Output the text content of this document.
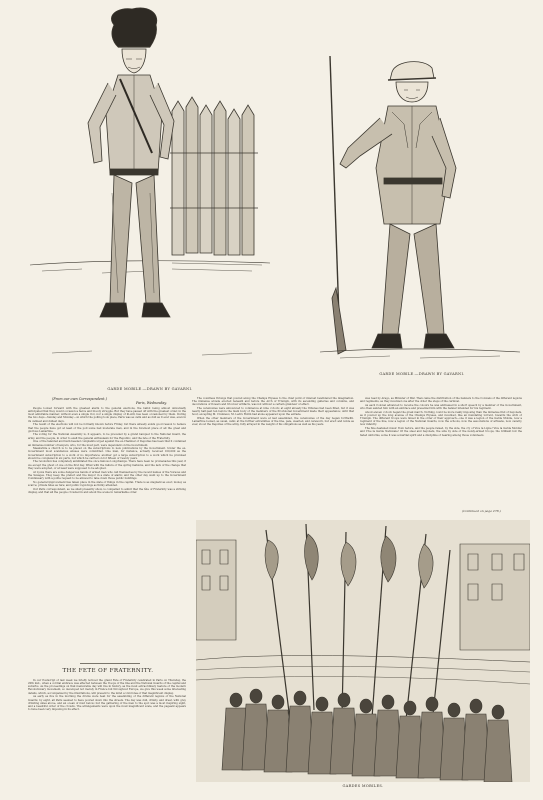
GARDE MOBILE.—DRAWN BY GAVARNI.
GARDE MOBILE.—DRAWN BY GAVARNI.
(From our own Correspondent.)
Paris, Wednesday.

People looked forward with the greatest alarm to the general elections, the ballot being almost universally anticipated that they would occasion a fierce and bloody struggle. But they have passed off with the greatest order, in the most admirable manner, without even a single riot, nor a single display of ill-will, has been occasioned by them. During the two days—Sunday and Monday—on which the polling took place, Paris was as calm and as dull as it ever was, even in its calmest and dullest days.

The result of the elections will not be formally known before Friday, but there already exists good reason to believe that the people have got at least of the poll some bad moderate men, and in the foremost place of all the great and glorious Lamartine.

The voting for the National Assembly is, it appears, to be preceded by a grand banquet to the National Guard, the army, and the people, in order to exalt the general enthusiasm for the Republic, and the fete of the Fraternity.

One of the talented and hard-headed complaints urged against the ex-Chamber of Deputies has been that it contained an immense number of lawyers, who, for the most part, were dependent on the Government.

Meanwhile a church is to be placed on the subscriptions to new publications by the Government. Under the ex-Government most scandalous abuses were committed. One man, for instance, actually received 100,000 as the Government subscription to a work of no importance; another got a large subscription to a work which he promised should be completed in six parts, but which he carried on for fifteen or twenty years.

The revolution has completely annihilated the once famous Longchamps. There have been no promenades this year, if we except the ghost of one on the first day. What with the failure of the spring fashions, and the lack of the change that they were adopted, or at least were supposed to be adopted.

At Lyons there are some dangerous bands of armed men who call themselves by the recent names of the Voraces and the Savages. They keep the prefect and the mayor in a state of alarm; and the other day went up to the Government Commissary with a polite request to be allowed to take down those public buildings.

No general improvement has taken place in the state of things in the capital. Trade is as stagnant as ever; money as scarce; private fêtes as rare; and public rejoicings as thinly attended.

Our Paris correspondent, as we shall presently show, is compelled to admit that the fête of Fraternity was a striking display, and that all the people crowded in and about the scene in remarkable order.

THE FETE OF FRATERNITY.

In our Postscript of last week we briefly noticed the grand Fête of Fraternity celebrated in Paris on Thursday, the 20th inst., when a cordial embrace was effected between the troops of the line and the National Guards of the capital and suburbs. As the proceedings on that memorable day will live in history, as the most extraordinary feature of the modern Revolutionary movement, so developed not merely in France but throughout Europe, we give this week some interesting details, which, accompanied by the illustrations, will present to the mind a vivid idea of that magnificent display.

As early as five in the morning the drums were beat for the assembling of the different legions of the National Guards; by eight, all Paris seemed to have poured down into the streets. The day was dull, drizzly, and drear, with grey drizzling skies above, and an ocean of mud below; but the gathering of the men to the spot was a most inspiring sight, and a beautiful order of the crowds. The arrangements were upon the most magnificent scale, and the pageant appears to have been very imposing in its effect.

The countless throngs that poured along the Champs Elysées to the chief point of interest bewildered the imagination. The immense arcade erected beneath and before the Arch of Triumph, with its ascending galleries and columns, and decorations of flowers and tricolour artifacts, was not without a certain grandeur of effect.

The ceremonies were announced to commence at nine o'clock; at eight already the tribunes had been filled, but it was nearly half-past ten before the main body of the members of the Provisional Government made their appearance; until that hour, excepting M. Crémieux, M. Ledru Rollin had alone appeared upon the estrade.

When the other members of the Government were at last assembled, the ceremonies of the day began forthwith. Lamartine looked, as usual, calm; at the further extremities of the line, pale, wearied, and careworn, but erect and noble as ever, stood the Deputies of the army, fully arrayed in the weight of his obligations as well as his years.

was read by Arago, as Minister of War. Then came the distribution of the banners to the Colonels of the different legions and regiments, as they mounted one after the other the steps of the carnival.

As each Colonel advanced to receive the colours he was addressed in a short speech by a member of the Government, who then saluted him with an embrace and presented him with the banner intended for his regiment.

About eleven o'clock began the great march. Nothing could be more really imposing than the immense find of bayonets, as it poured up the long avenue of the Champs Elysées, and mounted, like an inundating torrent, towards the Arch of Triumph. The different troops were mixed in the order of their approach—one it was a legion of the Garde Mobile, now a regiment of the line, now a legion of the National Guards, now the schools, now the associations of artisans, now cavalry, now infantry.

The fine deafened music from before, and the people raised, by the side, the cry of Vive la Ligne! Vive la Garde Mobile! and Vive la Garde Nationale! Of the steel and bayonets, the side by side of the newly-armed troops, the brilliant but the faded uniforms, some it was a martial spirit and a discipline of bearing among those volunteers.

(Continued on page 278.)
GARDES MOBILES.
